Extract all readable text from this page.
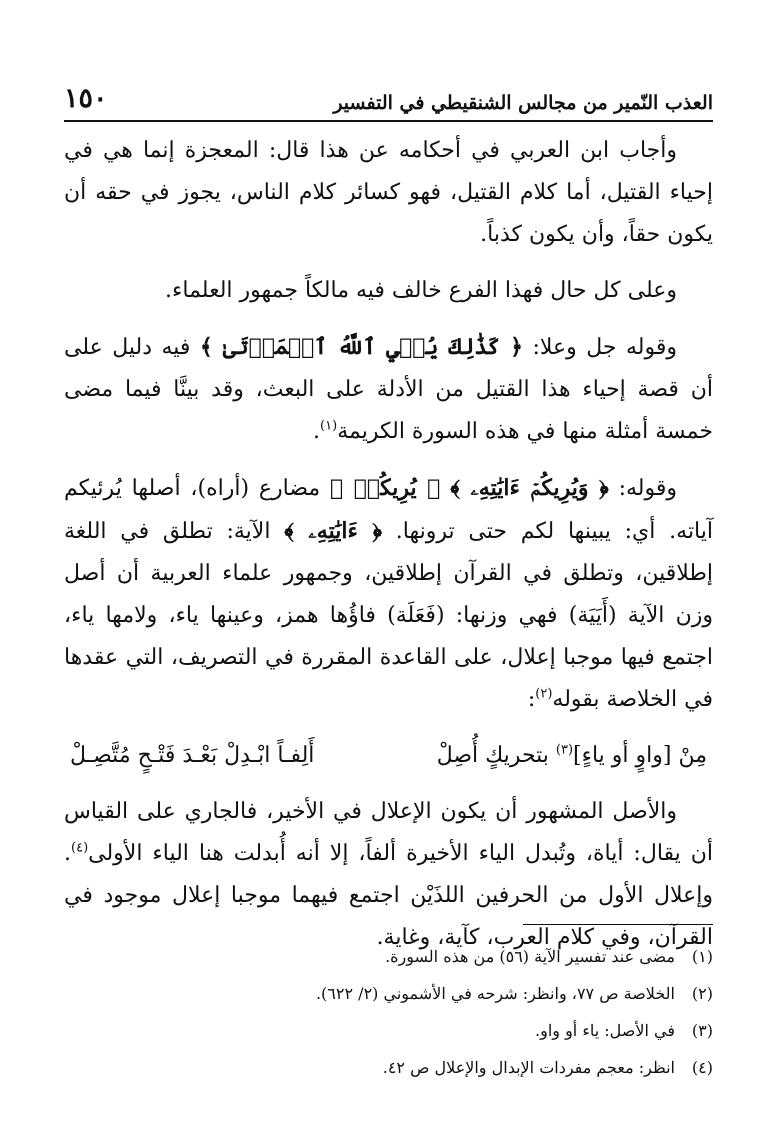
العذب النّمير من مجالس الشنقيطي في التفسير
١٥٠

وأجاب ابن العربي في أحكامه عن هذا قال: المعجزة إنما هي في إحياء القتيل، أما كلام القتيل، فهو كسائر كلام الناس، يجوز في حقه أن يكون حقاً، وأن يكون كذباً.

وعلى كل حال فهذا الفرع خالف فيه مالكاً جمهور العلماء.

وقوله جل وعلا: ﴿ كَذَٰلِكَ يُحۡيِ ٱللَّهُ ٱلۡمَوۡتَىٰ ﴾ فيه دليل على أن قصة إحياء هذا القتيل من الأدلة على البعث، وقد بينَّا فيما مضى خمسة أمثلة منها في هذه السورة الكريمة$^{(١)}$.

وقوله: ﴿ وَيُرِيكُمۡ ءَايَٰتِهِۦ ﴾ ﴿ يُرِيكُمۡ ﴾ مضارع (أراه)، أصلها يُرئيكم آياته. أي: يبينها لكم حتى ترونها. ﴿ ءَايَٰتِهِۦ ﴾ الآية: تطلق في اللغة إطلاقين، وتطلق في القرآن إطلاقين، وجمهور علماء العربية أن أصل وزن الآية (أَيَيَة) فهي وزنها: (فَعَلَة) فاؤُها همز، وعينها ياء، ولامها ياء، اجتمع فيها موجبا إعلال، على القاعدة المقررة في التصريف، التي عقدها في الخلاصة بقوله$^{(٢)}$:

مِنْ [واوٍ أو ياءٍ]$^{(٣)}$ بتحريكٍ أُصِلْ
أَلِفـاً ابْـدِلْ بَعْـدَ فَتْـحٍ مُتَّصِـلْ

والأصل المشهور أن يكون الإعلال في الأخير، فالجاري على القياس أن يقال: أياة، وتُبدل الياء الأخيرة ألفاً، إلا أنه أُبدلت هنا الياء الأولى$^{(٤)}$. وإعلال الأول من الحرفين اللذَيْن اجتمع فيهما موجبا إعلال موجود في القرآن، وفي كلام العرب، كآية، وغاية.

(١)
مضى عند تفسير الآية (٥٦) من هذه السورة.
(٢)
الخلاصة ص ٧٧، وانظر: شرحه في الأشموني (٢/ ٦٢٢).
(٣)
في الأصل: ياء أو واو.
(٤)
انظر: معجم مفردات الإبدال والإعلال ص ٤٢.
